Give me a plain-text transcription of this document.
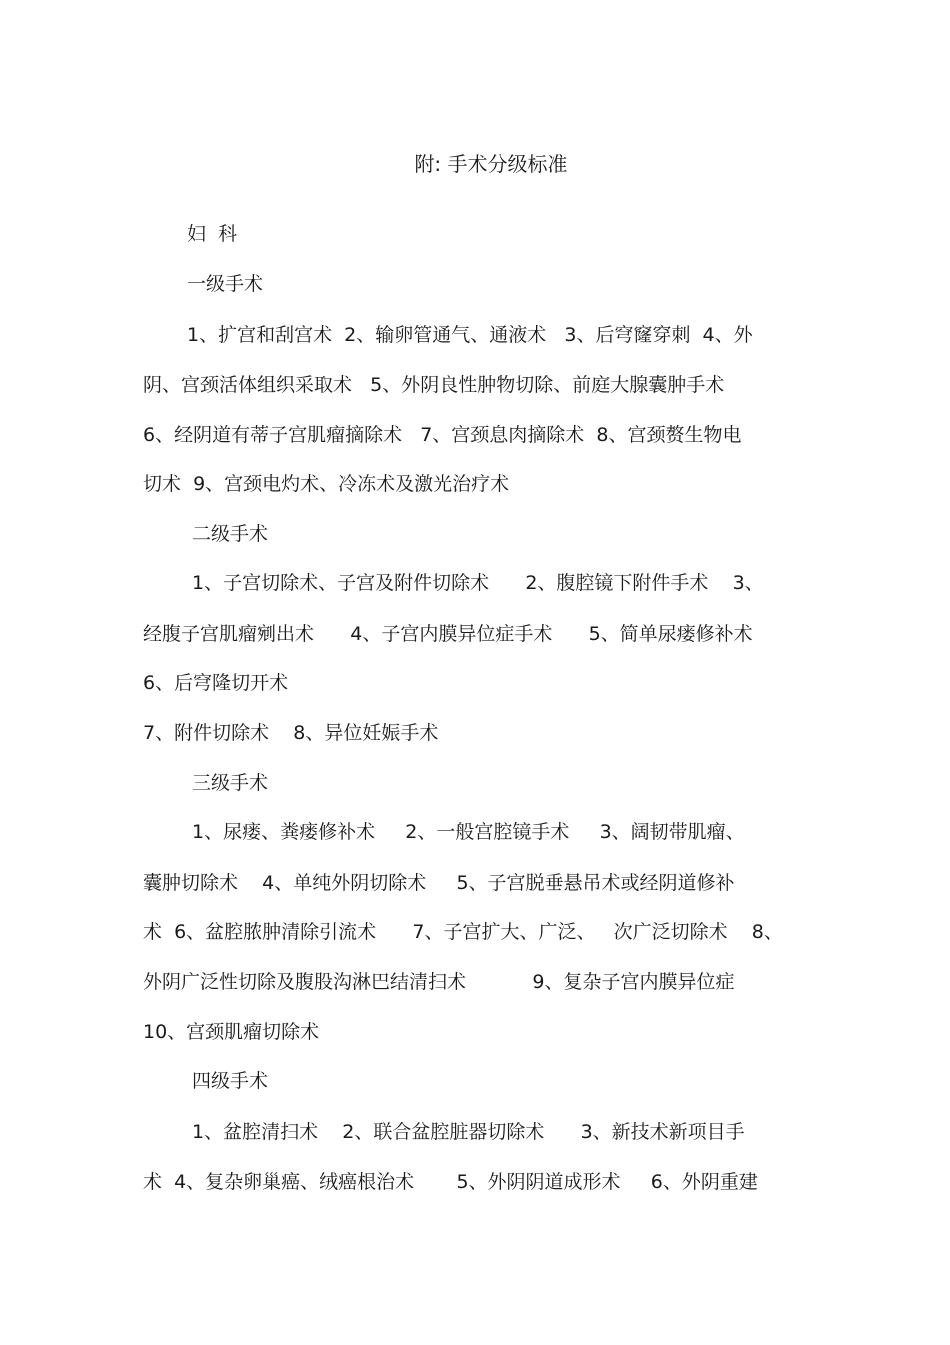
附: 手术分级标准
妇  科
一级手术
1、扩宫和刮宫术  2、输卵管通气、通液术   3、后穹窿穿刺  4、外
阴、宫颈活体组织采取术   5、外阴良性肿物切除、前庭大腺囊肿手术
6、经阴道有蒂子宫肌瘤摘除术   7、宫颈息肉摘除术  8、宫颈赘生物电
切术  9、宫颈电灼术、冷冻术及激光治疗术
二级手术
1、子宫切除术、子宫及附件切除术      2、腹腔镜下附件手术    3、
经腹子宫肌瘤剜出术      4、子宫内膜异位症手术      5、简单尿瘘修补术
6、后穹隆切开术
7、附件切除术    8、异位妊娠手术
三级手术
1、尿瘘、粪瘘修补术     2、一般宫腔镜手术     3、阔韧带肌瘤、
囊肿切除术    4、单纯外阴切除术     5、子宫脱垂悬吊术或经阴道修补
术  6、盆腔脓肿清除引流术      7、子宫扩大、广泛、   次广泛切除术    8、
外阴广泛性切除及腹股沟淋巴结清扫术           9、复杂子宫内膜异位症
10、宫颈肌瘤切除术
四级手术
1、盆腔清扫术    2、联合盆腔脏器切除术      3、新技术新项目手
术  4、复杂卵巢癌、绒癌根治术       5、外阴阴道成形术     6、外阴重建
